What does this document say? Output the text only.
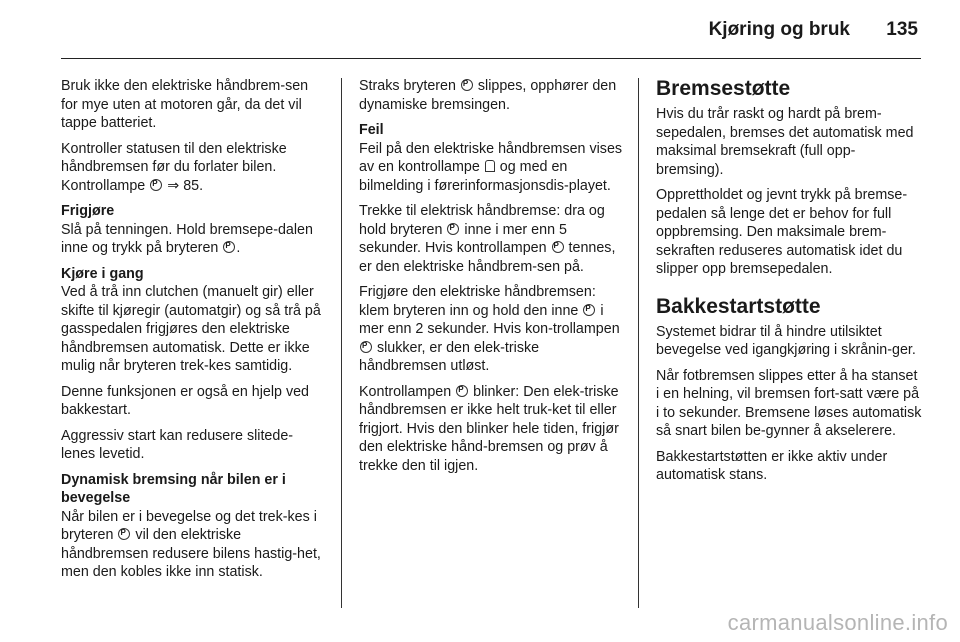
Kjøring og bruk 135

Bruk ikke den elektriske håndbrem-sen for mye uten at motoren går, da det vil tappe batteriet.

Kontroller statusen til den elektriske håndbremsen før du forlater bilen. Kontrollampe P ⇒ 85.

Frigjøre

Slå på tenningen. Hold bremsepe-dalen inne og trykk på bryteren P .

Kjøre i gang

Ved å trå inn clutchen (manuelt gir) eller skifte til kjøregir (automatgir) og så trå på gasspedalen frigjøres den elektriske håndbremsen automatisk. Dette er ikke mulig når bryteren trek-kes samtidig.

Denne funksjonen er også en hjelp ved bakkestart.

Aggressiv start kan redusere slitede-lenes levetid.

Dynamisk bremsing når bilen er i bevegelse

Når bilen er i bevegelse og det trek-kes i bryteren P vil den elektriske håndbremsen redusere bilens hastig-het, men den kobles ikke inn statisk.

Straks bryteren P slippes, opphører den dynamiske bremsingen.

Feil

Feil på den elektriske håndbremsen vises av en kontrollampe og med en bilmelding i førerinformasjonsdis-playet.

Trekke til elektrisk håndbremse: dra og hold bryteren P inne i mer enn 5 sekunder. Hvis kontrollampen P tennes, er den elektriske håndbrem-sen på.

Frigjøre den elektriske håndbremsen: klem bryteren inn og hold den inne P i mer enn 2 sekunder. Hvis kon-trollampen P slukker, er den elek-triske håndbremsen utløst.

Kontrollampen P blinker: Den elek-triske håndbremsen er ikke helt truk-ket til eller frigjort. Hvis den blinker hele tiden, frigjør den elektriske hånd-bremsen og prøv å trekke den til igjen.

Bremsestøtte

Hvis du trår raskt og hardt på brem-sepedalen, bremses det automatisk med maksimal bremsekraft (full opp-bremsing).

Opprettholdet og jevnt trykk på bremse-pedalen så lenge det er behov for full oppbremsing. Den maksimale brem-sekraften reduseres automatisk idet du slipper opp bremsepedalen.

Bakkestartstøtte

Systemet bidrar til å hindre utilsiktet bevegelse ved igangkjøring i skrånin-ger.

Når fotbremsen slippes etter å ha stanset i en helning, vil bremsen fort-satt være på i to sekunder. Bremsene løses automatisk så snart bilen be-gynner å akselerere.

Bakkestartstøtten er ikke aktiv under automatisk stans.

carmanualsonline.info
